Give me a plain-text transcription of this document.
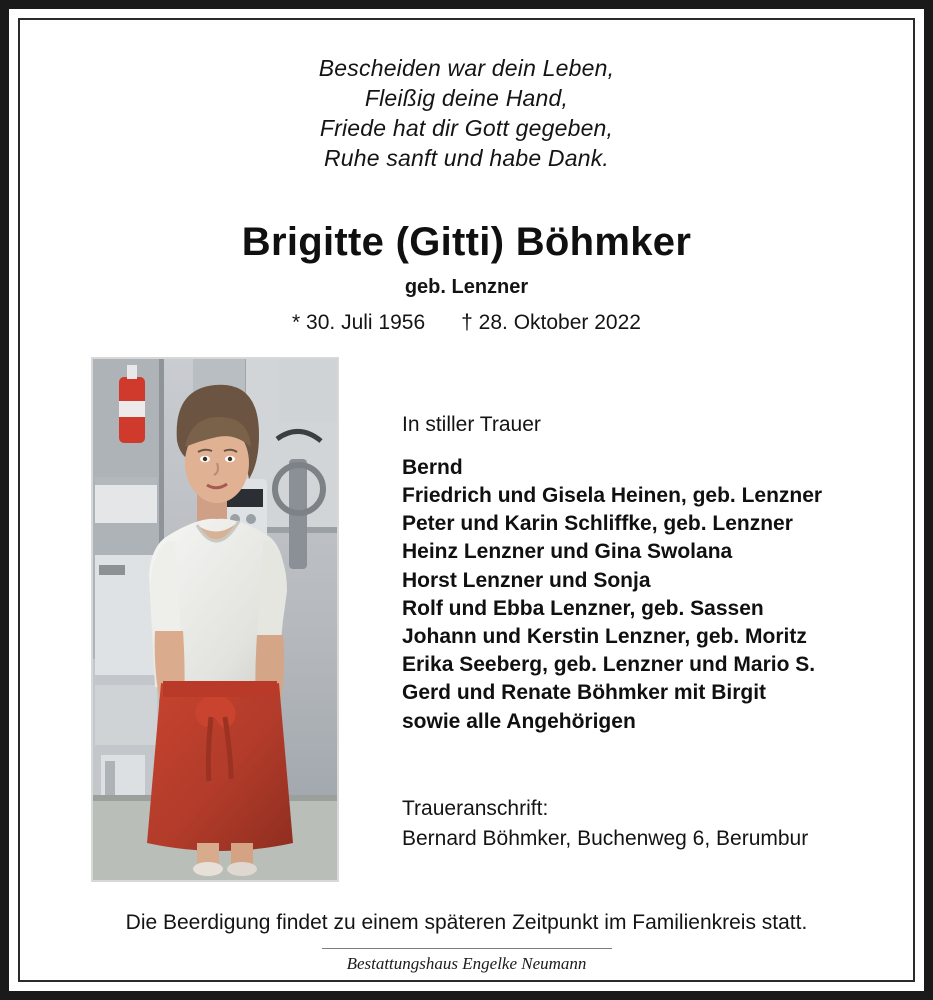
Bescheiden war dein Leben,
Fleißig deine Hand,
Friede hat dir Gott gegeben,
Ruhe sanft und habe Dank.
Brigitte (Gitti) Böhmker
geb. Lenzner
* 30. Juli 1956 † 28. Oktober 2022
In stiller Trauer
Bernd
Friedrich und Gisela Heinen, geb. Lenzner
Peter und Karin Schliffke, geb. Lenzner
Heinz Lenzner und Gina Swolana
Horst Lenzner und Sonja
Rolf und Ebba Lenzner, geb. Sassen
Johann und Kerstin Lenzner, geb. Moritz
Erika Seeberg, geb. Lenzner und Mario S.
Gerd und Renate Böhmker mit Birgit
sowie alle Angehörigen
Traueranschrift:
Bernard Böhmker, Buchenweg 6, Berumbur
Die Beerdigung findet zu einem späteren Zeitpunkt im Familienkreis statt.
Bestattungshaus Engelke Neumann
